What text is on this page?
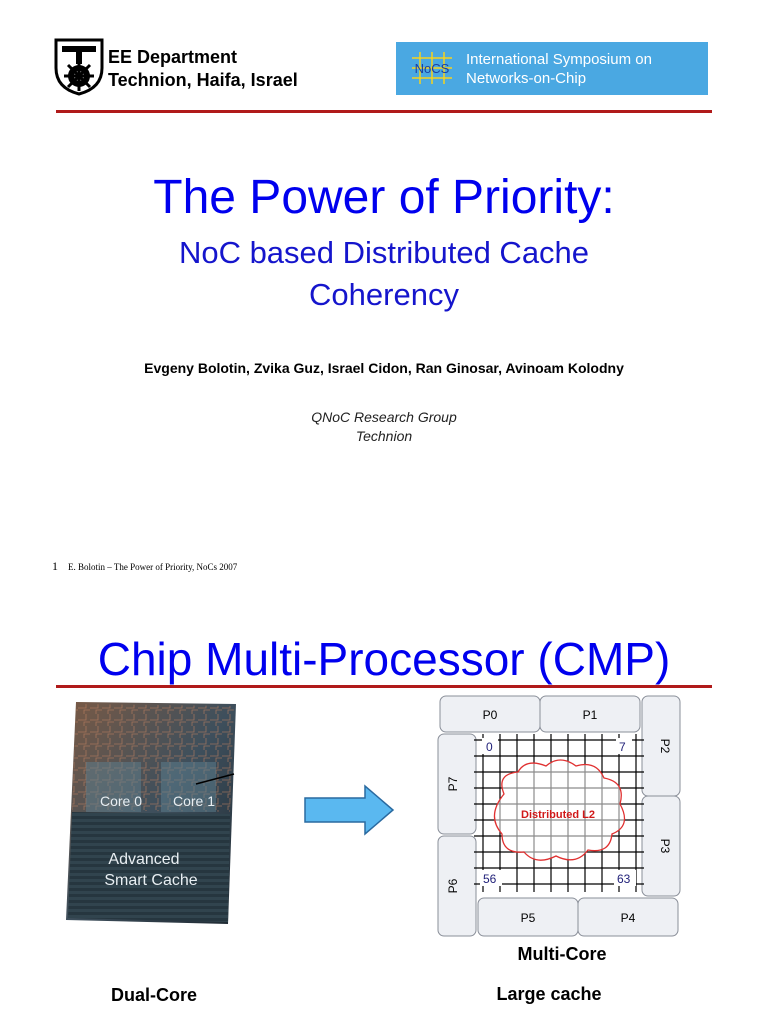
EE Department
Technion, Haifa, Israel
NoCS
International Symposium on
Networks-on-Chip
The Power of Priority:
NoC based Distributed Cache
Coherency
Evgeny Bolotin, Zvika Guz, Israel Cidon, Ran Ginosar, Avinoam Kolodny
QNoC Research Group
Technion
1 E. Bolotin – The Power of Priority, NoCs 2007
Chip Multi-Processor (CMP)
Core 0 Core 1
Advanced
Smart Cache
Distributed L2
0	7
56	63
P0	P1
P2
P3
P4
P5
P6
P7
Multi-Core
Large cache
Dual-Core
